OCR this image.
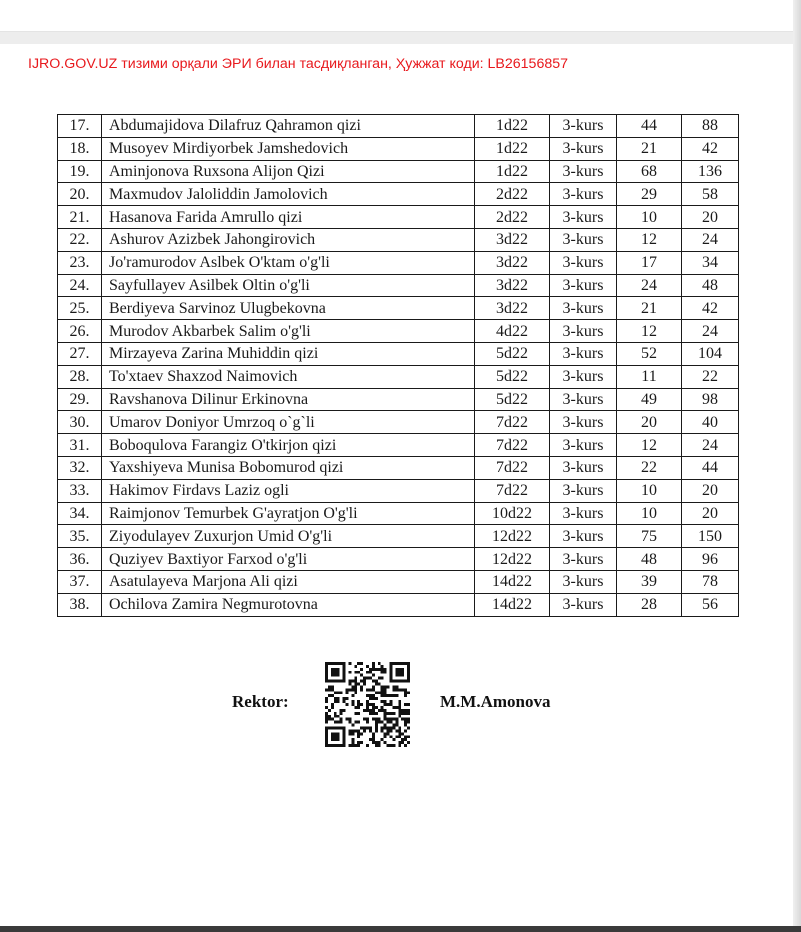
IJRO.GOV.UZ тизими орқали ЭРИ билан тасдиқланган, Ҳужжат коди: LB26156857
17.	Abdumajidova Dilafruz Qahramon qizi	1d22	3-kurs	44	88
18.	Musoyev Mirdiyorbek Jamshedovich	1d22	3-kurs	21	42
19.	Aminjonova Ruxsona Alijon Qizi	1d22	3-kurs	68	136
20.	Maxmudov Jaloliddin Jamolovich	2d22	3-kurs	29	58
21.	Hasanova Farida Amrullo qizi	2d22	3-kurs	10	20
22.	Ashurov Azizbek Jahongirovich	3d22	3-kurs	12	24
23.	Jo'ramurodov Aslbek O'ktam o'g'li	3d22	3-kurs	17	34
24.	Sayfullayev Asilbek Oltin o'g'li	3d22	3-kurs	24	48
25.	Berdiyeva Sarvinoz Ulugbekovna	3d22	3-kurs	21	42
26.	Murodov Akbarbek Salim o'g'li	4d22	3-kurs	12	24
27.	Mirzayeva Zarina Muhiddin qizi	5d22	3-kurs	52	104
28.	To'xtaev Shaxzod Naimovich	5d22	3-kurs	11	22
29.	Ravshanova Dilinur Erkinovna	5d22	3-kurs	49	98
30.	Umarov Doniyor Umrzoq o`g`li	7d22	3-kurs	20	40
31.	Boboqulova Farangiz O'tkirjon qizi	7d22	3-kurs	12	24
32.	Yaxshiyeva Munisa Bobomurod qizi	7d22	3-kurs	22	44
33.	Hakimov Firdavs Laziz ogli	7d22	3-kurs	10	20
34.	Raimjonov Temurbek G'ayratjon O'g'li	10d22	3-kurs	10	20
35.	Ziyodulayev Zuxurjon Umid O'g'li	12d22	3-kurs	75	150
36.	Quziyev Baxtiyor Farxod o'g'li	12d22	3-kurs	48	96
37.	Asatulayeva Marjona Ali qizi	14d22	3-kurs	39	78
38.	Ochilova Zamira Negmurotovna	14d22	3-kurs	28	56
Rektor:	M.M.Amonova
